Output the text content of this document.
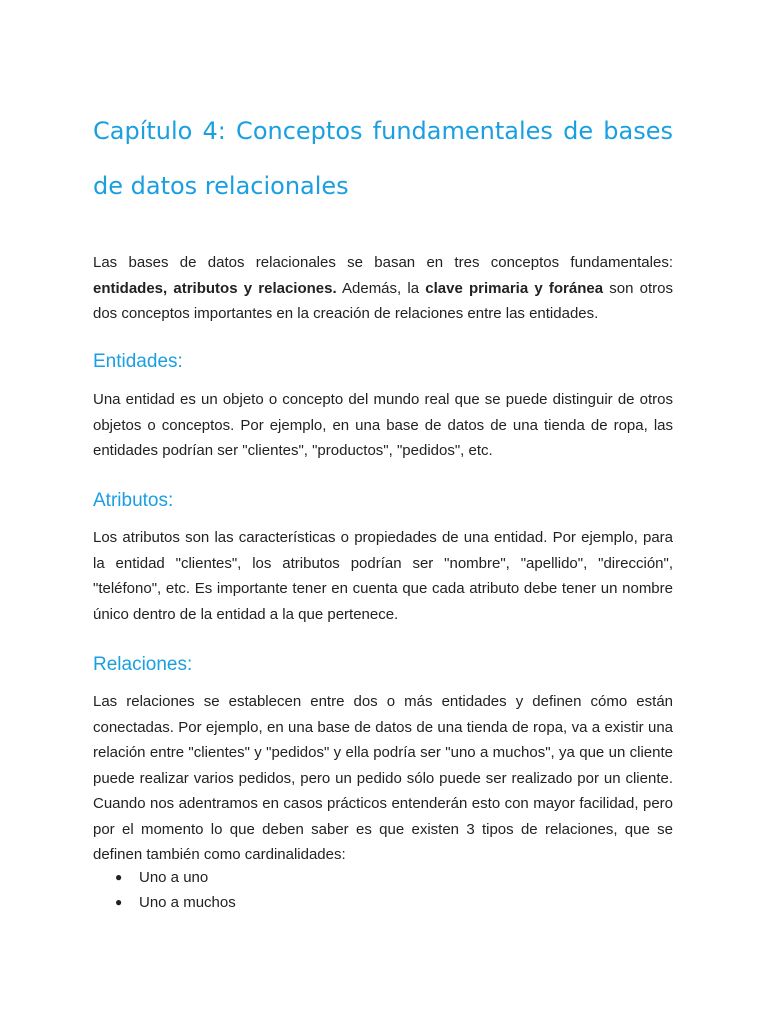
Capítulo 4: Conceptos fundamentales de bases de datos relacionales

Las bases de datos relacionales se basan en tres conceptos fundamentales: entidades, atributos y relaciones. Además, la clave primaria y foránea son otros dos conceptos importantes en la creación de relaciones entre las entidades.

Entidades:

Una entidad es un objeto o concepto del mundo real que se puede distinguir de otros objetos o conceptos. Por ejemplo, en una base de datos de una tienda de ropa, las entidades podrían ser "clientes", "productos", "pedidos", etc.

Atributos:

Los atributos son las características o propiedades de una entidad. Por ejemplo, para la entidad "clientes", los atributos podrían ser "nombre", "apellido", "dirección", "teléfono", etc. Es importante tener en cuenta que cada atributo debe tener un nombre único dentro de la entidad a la que pertenece.

Relaciones:

Las relaciones se establecen entre dos o más entidades y definen cómo están conectadas. Por ejemplo, en una base de datos de una tienda de ropa, va a existir una relación entre "clientes" y "pedidos" y ella podría ser "uno a muchos", ya que un cliente puede realizar varios pedidos, pero un pedido sólo puede ser realizado por un cliente. Cuando nos adentramos en casos prácticos entenderán esto con mayor facilidad, pero por el momento lo que deben saber es que existen 3 tipos de relaciones, que se definen también como cardinalidades:

● Uno a uno
● Uno a muchos
